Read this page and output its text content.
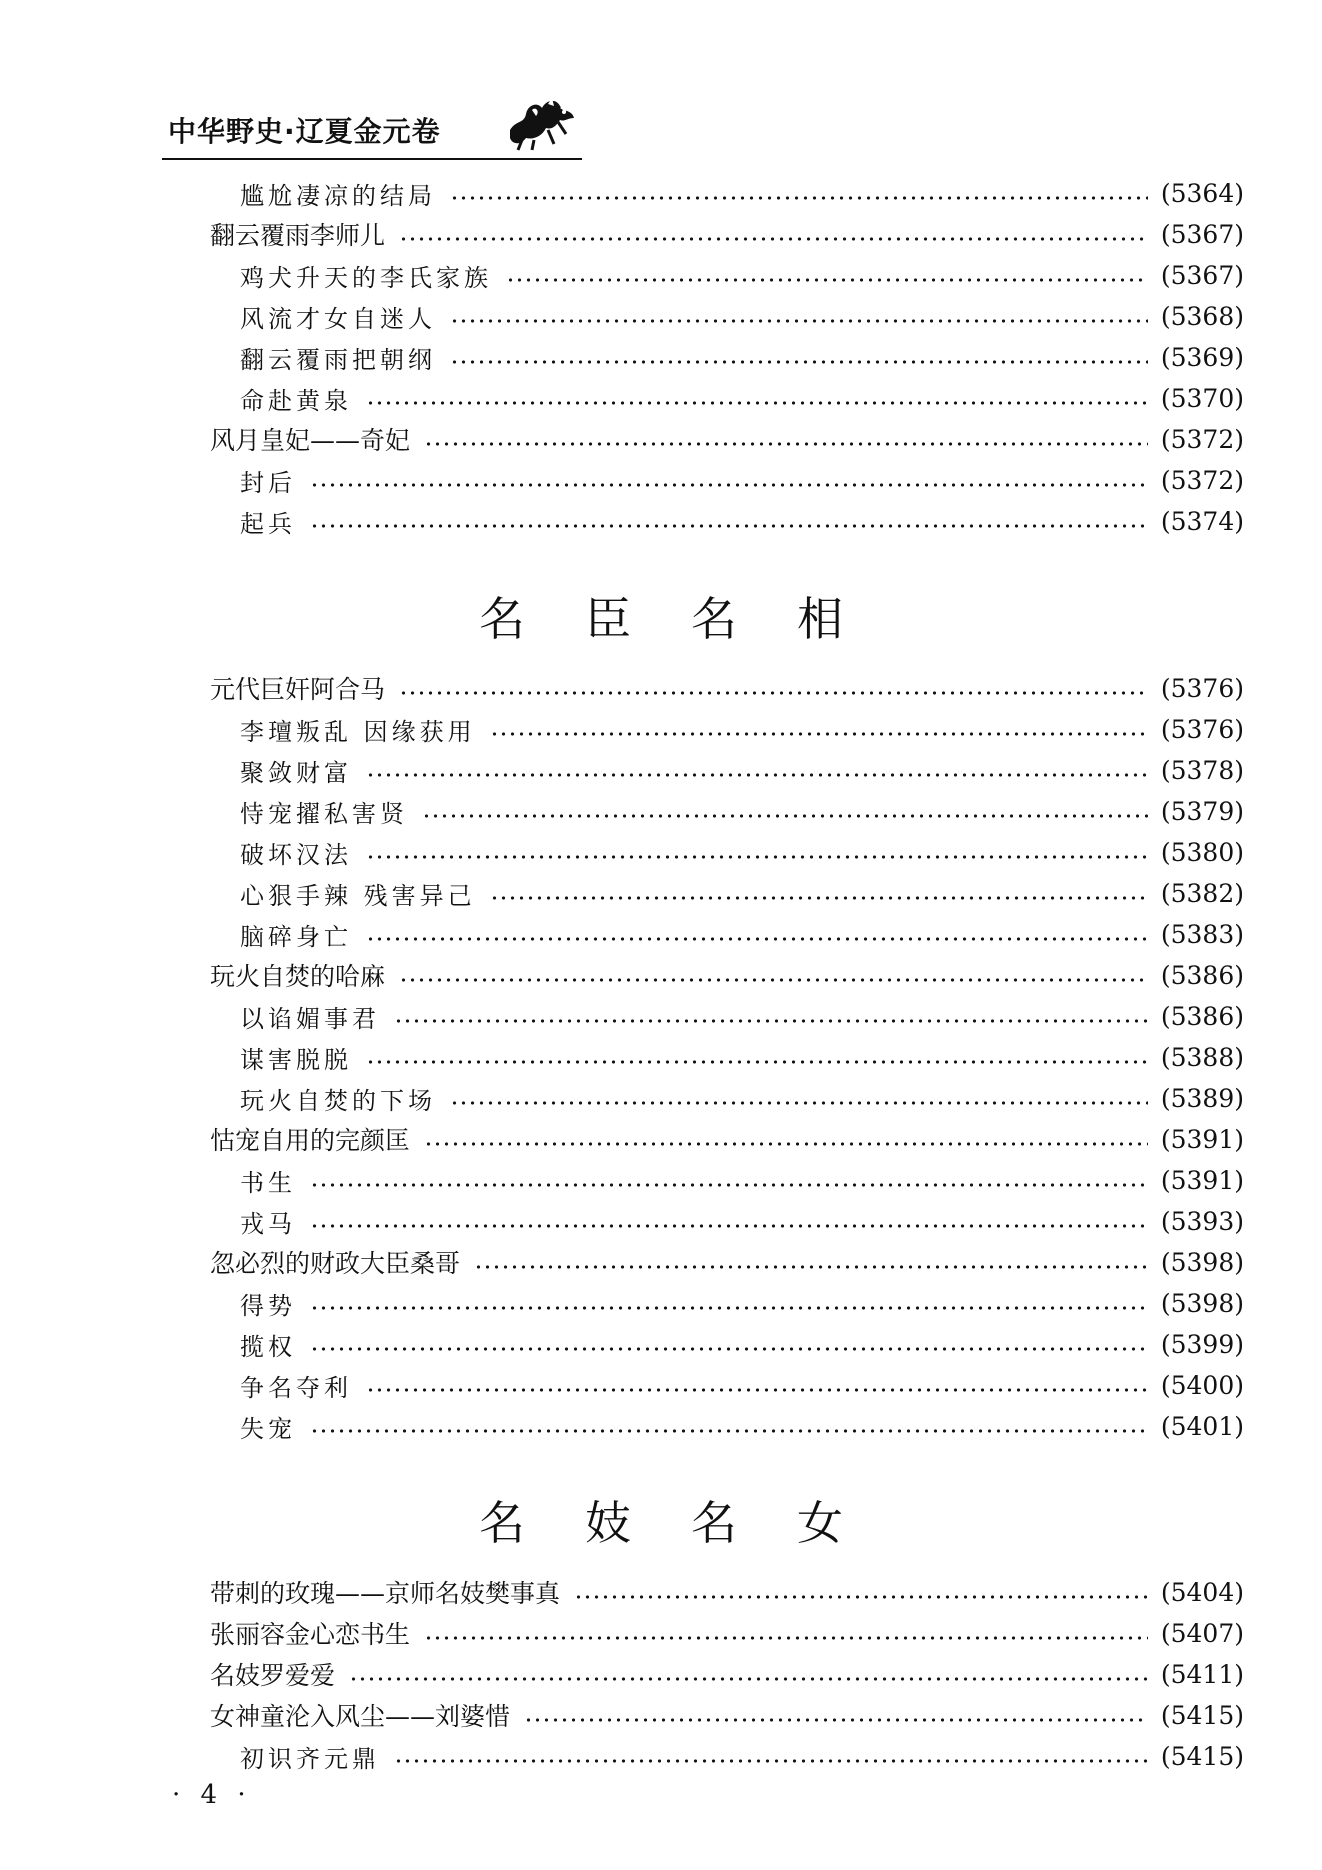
中华野史·辽夏金元卷
名臣名相
名妓名女
尴尬凄凉的结局	(5364)
翻云覆雨李师儿	(5367)
鸡犬升天的李氏家族	(5367)
风流才女自迷人	(5368)
翻云覆雨把朝纲	(5369)
命赴黄泉	(5370)
风月皇妃——奇妃	(5372)
封后	(5372)
起兵	(5374)
元代巨奸阿合马	(5376)
李璮叛乱 因缘获用	(5376)
聚敛财富	(5378)
恃宠擢私害贤	(5379)
破坏汉法	(5380)
心狠手辣 残害异己	(5382)
脑碎身亡	(5383)
玩火自焚的哈麻	(5386)
以谄媚事君	(5386)
谋害脱脱	(5388)
玩火自焚的下场	(5389)
怙宠自用的完颜匡	(5391)
书生	(5391)
戎马	(5393)
忽必烈的财政大臣桑哥	(5398)
得势	(5398)
揽权	(5399)
争名夺利	(5400)
失宠	(5401)
带刺的玫瑰——京师名妓樊事真	(5404)
张丽容金心恋书生	(5407)
名妓罗爱爱	(5411)
女神童沦入风尘——刘婆惜	(5415)
初识齐元鼎	(5415)
· 4 ·
